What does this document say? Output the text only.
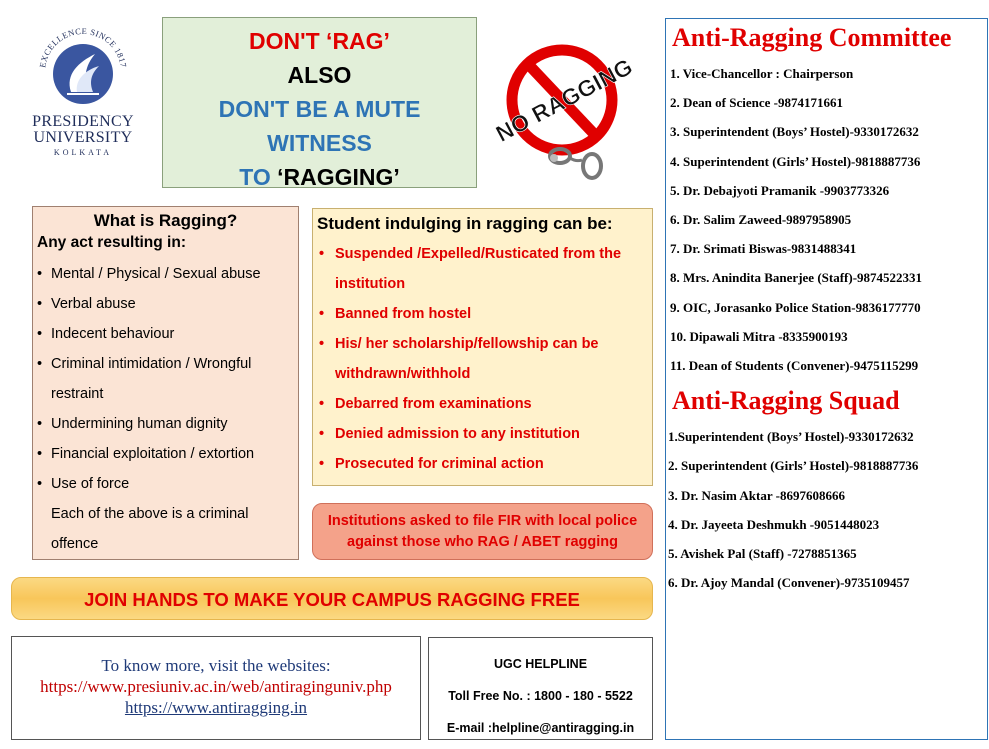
EXCELLENCE SINCE 1817
PRESIDENCY
UNIVERSITY
KOLKATA
DON'T ‘RAG’
ALSO
DON'T BE A MUTE
WITNESS
TO ‘RAGGING’
NO RAGGING
What is Ragging?
Any act resulting in:
• Mental / Physical / Sexual abuse
• Verbal abuse
• Indecent behaviour
• Criminal intimidation / Wrongful restraint
• Undermining human dignity
• Financial exploitation / extortion
• Use of force
Each of the above is a criminal offence
Student indulging in ragging can be:
• Suspended /Expelled/Rusticated from the institution
• Banned from hostel
• His/ her scholarship/fellowship can be withdrawn/withhold
• Debarred from examinations
• Denied admission to any institution
• Prosecuted for criminal action
Institutions asked to file FIR with local police
against those who RAG / ABET ragging
JOIN HANDS TO MAKE YOUR CAMPUS RAGGING FREE
To know more, visit the websites:
https://www.presiuniv.ac.in/web/antiraginguniv.php
https://www.antiragging.in
UGC HELPLINE
Toll Free No. : 1800 - 180 - 5522
E-mail :helpline@antiragging.in
Anti-Ragging Committee
1. Vice-Chancellor : Chairperson
2. Dean of Science -9874171661
3. Superintendent (Boys’ Hostel)-9330172632
4. Superintendent (Girls’ Hostel)-9818887736
5. Dr. Debajyoti Pramanik -9903773326
6. Dr. Salim Zaweed-9897958905
7. Dr. Srimati Biswas-9831488341
8. Mrs. Anindita Banerjee (Staff)-9874522331
9. OIC, Jorasanko Police Station-9836177770
10. Dipawali Mitra -8335900193
11. Dean of Students (Convener)-9475115299
Anti-Ragging Squad
1.Superintendent (Boys’ Hostel)-9330172632
2. Superintendent (Girls’ Hostel)-9818887736
3. Dr. Nasim Aktar -8697608666
4. Dr. Jayeeta Deshmukh -9051448023
5. Avishek Pal (Staff) -7278851365
6. Dr. Ajoy Mandal (Convener)-9735109457
